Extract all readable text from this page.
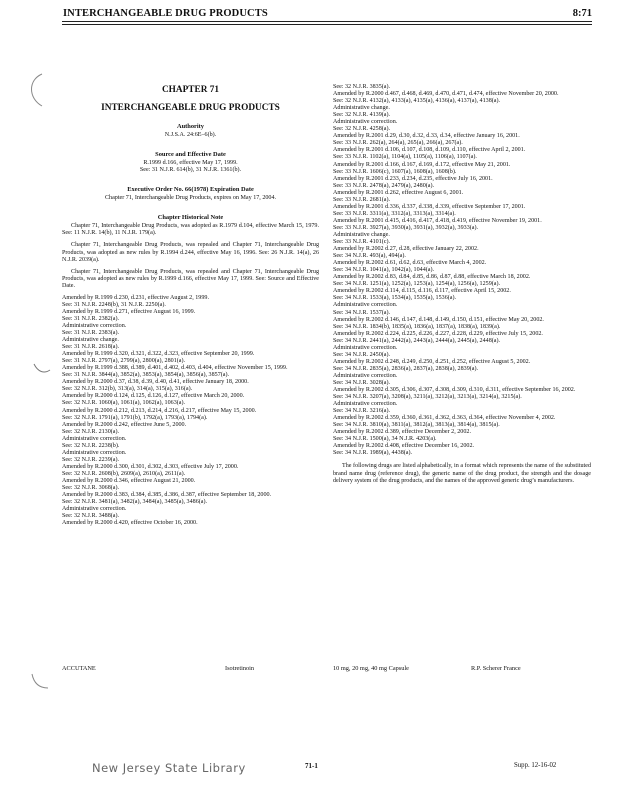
INTERCHANGEABLE DRUG PRODUCTS	8:71
CHAPTER 71
INTERCHANGEABLE DRUG PRODUCTS
Authority
N.J.S.A. 24:6E–6(b).
Source and Effective Date
R.1999 d.166, effective May 17, 1999.
See: 31 N.J.R. 614(b), 31 N.J.R. 1361(b).
Executive Order No. 66(1978) Expiration Date
Chapter 71, Interchangeable Drug Products, expires on May 17, 2004.
Chapter Historical Note
Chapter 71, Interchangeable Drug Products, was adopted as R.1979 d.104, effective March 15, 1979. See: 11 N.J.R. 14(b), 11 N.J.R. 179(a).
Chapter 71, Interchangeable Drug Products, was repealed and Chapter 71, Interchangeable Drug Products, was adopted as new rules by R.1994 d.244, effective May 16, 1996. See: 26 N.J.R. 14(a), 26 N.J.R. 2039(a).
Chapter 71, Interchangeable Drug Products, was repealed and Chapter 71, Interchangeable Drug Products, was adopted as new rules by R.1999 d.166, effective May 17, 1999. See: Source and Effective Date.
Amended by R.1999 d.230, d.231, effective August 2, 1999.
See: 31 N.J.R. 2248(b), 31 N.J.R. 2250(a).
Amended by R.1999 d.271, effective August 16, 1999.
See: 31 N.J.R. 2382(a).
Administrative correction.
See: 31 N.J.R. 2383(a).
Administrative change.
See: 31 N.J.R. 2618(a).
Amended by R.1999 d.320, d.321, d.322, d.323, effective September 20, 1999.
See: 31 N.J.R. 2797(a), 2799(a), 2800(a), 2801(a).
Amended by R.1999 d.388, d.389, d.401, d.402, d.403, d.404, effective November 15, 1999.
See: 31 N.J.R. 3844(a), 3852(a), 3853(a), 3854(a), 3856(a), 3857(a).
Amended by R.2000 d.37, d.38, d.39, d.40, d.41, effective January 18, 2000.
See: 32 N.J.R. 312(b), 313(a), 314(a), 315(a), 316(a).
Amended by R.2000 d.124, d.125, d.126, d.127, effective March 20, 2000.
See: 32 N.J.R. 1060(a), 1061(a), 1062(a), 1063(a).
Amended by R.2000 d.212, d.213, d.214, d.216, d.217, effective May 15, 2000.
See: 32 N.J.R. 1791(a), 1791(b), 1792(a), 1793(a), 1794(a).
Amended by R.2000 d.242, effective June 5, 2000.
See: 32 N.J.R. 2130(a).
Administrative correction.
See: 32 N.J.R. 2238(b).
Administrative correction.
See: 32 N.J.R. 2239(a).
Amended by R.2000 d.300, d.301, d.302, d.303, effective July 17, 2000.
See: 32 N.J.R. 2608(b), 2609(a), 2610(a), 2611(a).
Amended by R.2000 d.346, effective August 21, 2000.
See: 32 N.J.R. 3068(a).
Amended by R.2000 d.383, d.384, d.385, d.386, d.387, effective September 18, 2000.
See: 32 N.J.R. 3481(a), 3482(a), 3484(a), 3485(a), 3486(a).
Administrative correction.
See: 32 N.J.R. 3488(a).
Amended by R.2000 d.420, effective October 16, 2000.
See: 32 N.J.R. 3835(a).
Amended by R.2000 d.467, d.468, d.469, d.470, d.471, d.474, effective November 20, 2000.
See: 32 N.J.R. 4132(a), 4133(a), 4135(a), 4136(a), 4137(a), 4138(a).
Administrative change.
See: 32 N.J.R. 4139(a).
Administrative correction.
See: 32 N.J.R. 4258(a).
Amended by R.2001 d.29, d.30, d.32, d.33, d.34, effective January 16, 2001.
See: 33 N.J.R. 262(a), 264(a), 265(a), 266(a), 267(a).
Amended by R.2001 d.106, d.107, d.108, d.109, d.110, effective April 2, 2001.
See: 33 N.J.R. 1102(a), 1104(a), 1105(a), 1106(a), 1107(a).
Amended by R.2001 d.166, d.167, d.169, d.172, effective May 21, 2001.
See: 33 N.J.R. 1606(c), 1607(a), 1608(a), 1608(b).
Amended by R.2001 d.233, d.234, d.235, effective July 16, 2001.
See: 33 N.J.R. 2478(a), 2479(a), 2480(a).
Amended by R.2001 d.262, effective August 6, 2001.
See: 33 N.J.R. 2681(a).
Amended by R.2001 d.336, d.337, d.338, d.339, effective September 17, 2001.
See: 33 N.J.R. 3311(a), 3312(a), 3313(a), 3314(a).
Amended by R.2001 d.415, d.416, d.417, d.418, d.419, effective November 19, 2001.
See: 33 N.J.R. 3927(a), 3930(a), 3931(a), 3932(a), 3933(a).
Administrative change.
See: 33 N.J.R. 4101(c).
Amended by R.2002 d.27, d.28, effective January 22, 2002.
See: 34 N.J.R. 493(a), 494(a).
Amended by R.2002 d.61, d.62, d.63, effective March 4, 2002.
See: 34 N.J.R. 1041(a), 1042(a), 1044(a).
Amended by R.2002 d.83, d.84, d.85, d.86, d.87, d.88, effective March 18, 2002.
See: 34 N.J.R. 1251(a), 1252(a), 1253(a), 1254(a), 1256(a), 1259(a).
Amended by R.2002 d.114, d.115, d.116, d.117, effective April 15, 2002.
See: 34 N.J.R. 1533(a), 1534(a), 1535(a), 1536(a).
Administrative correction.
See: 34 N.J.R. 1537(a).
Amended by R.2002 d.146, d.147, d.148, d.149, d.150, d.151, effective May 20, 2002.
See: 34 N.J.R. 1834(b), 1835(a), 1836(a), 1837(a), 1838(a), 1839(a).
Amended by R.2002 d.224, d.225, d.226, d.227, d.228, d.229, effective July 15, 2002.
See: 34 N.J.R. 2441(a), 2442(a), 2443(a), 2444(a), 2445(a), 2448(a).
Administrative correction.
See: 34 N.J.R. 2450(a).
Amended by R.2002 d.248, d.249, d.250, d.251, d.252, effective August 5, 2002.
See: 34 N.J.R. 2835(a), 2836(a), 2837(a), 2838(a), 2839(a).
Administrative correction.
See: 34 N.J.R. 3028(a).
Amended by R.2002 d.305, d.306, d.307, d.308, d.309, d.310, d.311, effective September 16, 2002.
See: 34 N.J.R. 3207(a), 3208(a), 3211(a), 3212(a), 3213(a), 3214(a), 3215(a).
Administrative correction.
See: 34 N.J.R. 3216(a).
Amended by R.2002 d.359, d.360, d.361, d.362, d.363, d.364, effective November 4, 2002.
See: 34 N.J.R. 3810(a), 3811(a), 3812(a), 3813(a), 3814(a), 3815(a).
Amended by R.2002 d.389, effective December 2, 2002.
See: 34 N.J.R. 1500(a), 34 N.J.R. 4203(a).
Amended by R.2002 d.408, effective December 16, 2002.
See: 34 N.J.R. 1989(a), 4438(a).
The following drugs are listed alphabetically, in a format which represents the name of the substituted brand name drug (reference drug), the generic name of the drug product, the strength and the dosage delivery system of the drug products, and the names of the approved generic drug’s manufacturers.
ACCUTANE	Isotretinoin	10 mg, 20 mg, 40 mg Capsule	R.P. Scherer France
New Jersey State Library	71-1	Supp. 12-16-02
